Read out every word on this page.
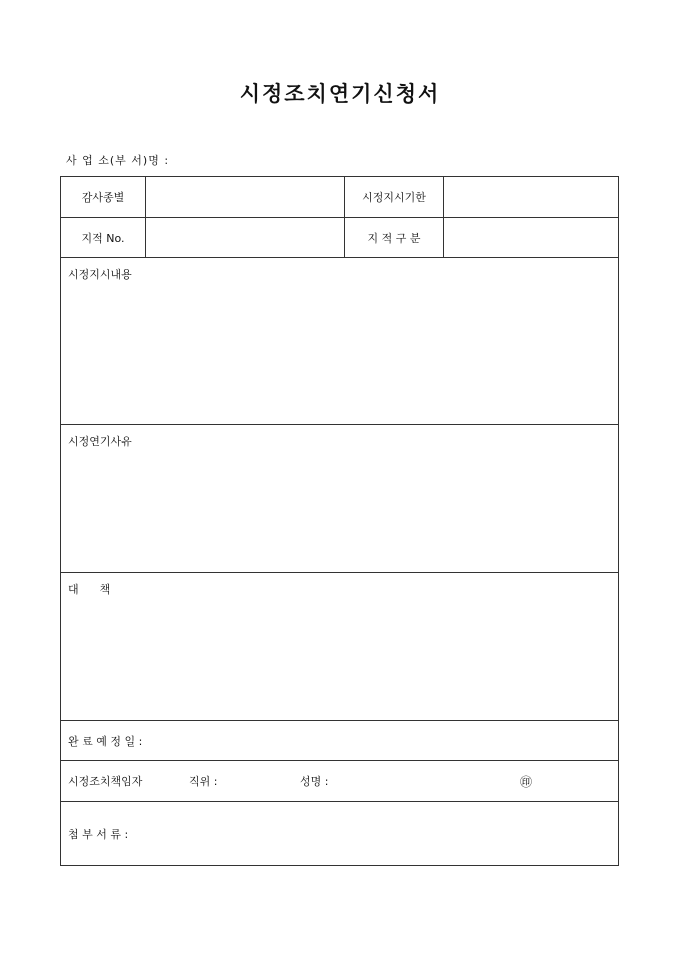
시정조치연기신청서
사 업 소(부 서)명 :
감사종별	시정지시기한
지적 No.	지 적 구 분
시정지시내용
시정연기사유
대      책
완 료 예 정 일 :
시정조치책임자	직위 :	성명 :	㊞
첨 부 서 류 :
